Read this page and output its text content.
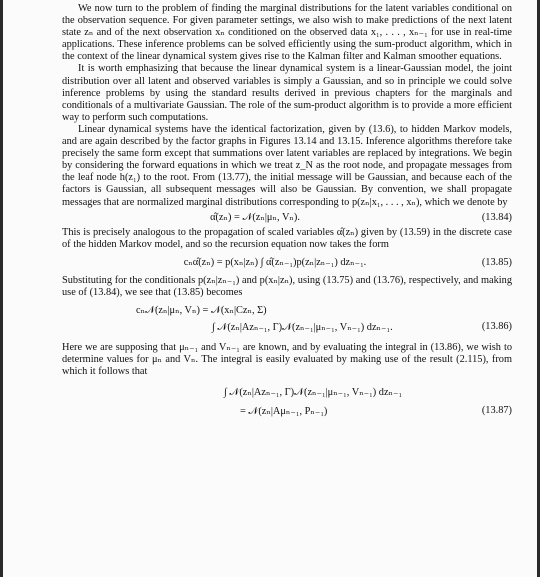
We now turn to the problem of finding the marginal distributions for the latent variables conditional on the observation sequence. For given parameter settings, we also wish to make predictions of the next latent state zₙ and of the next observation xₙ conditioned on the observed data x₁, . . . , xₙ₋₁ for use in real-time applications. These inference problems can be solved efficiently using the sum-product algorithm, which in the context of the linear dynamical system gives rise to the Kalman filter and Kalman smoother equations.

It is worth emphasizing that because the linear dynamical system is a linear-Gaussian model, the joint distribution over all latent and observed variables is simply a Gaussian, and so in principle we could solve inference problems by using the standard results derived in previous chapters for the marginals and conditionals of a multivariate Gaussian. The role of the sum-product algorithm is to provide a more efficient way to perform such computations.

Linear dynamical systems have the identical factorization, given by (13.6), to hidden Markov models, and are again described by the factor graphs in Figures 13.14 and 13.15. Inference algorithms therefore take precisely the same form except that summations over latent variables are replaced by integrations. We begin by considering the forward equations in which we treat z_N as the root node, and propagate messages from the leaf node h(z₁) to the root. From (13.77), the initial message will be Gaussian, and because each of the factors is Gaussian, all subsequent messages will also be Gaussian. By convention, we shall propagate messages that are normalized marginal distributions corresponding to p(zₙ|x₁, . . . , xₙ), which we denote by

α̂(zₙ) = 𝒩(zₙ|μₙ, Vₙ).	(13.84)

This is precisely analogous to the propagation of scaled variables α̂(zₙ) given by (13.59) in the discrete case of the hidden Markov model, and so the recursion equation now takes the form

cₙα̂(zₙ) = p(xₙ|zₙ) ∫ α̂(zₙ₋₁)p(zₙ|zₙ₋₁) dzₙ₋₁.	(13.85)

Substituting for the conditionals p(zₙ|zₙ₋₁) and p(xₙ|zₙ), using (13.75) and (13.76), respectively, and making use of (13.84), we see that (13.85) becomes

cₙ𝒩(zₙ|μₙ, Vₙ) = 𝒩(xₙ|Czₙ, Σ)
∫ 𝒩(zₙ|Azₙ₋₁, Γ)𝒩(zₙ₋₁|μₙ₋₁, Vₙ₋₁) dzₙ₋₁.	(13.86)

Here we are supposing that μₙ₋₁ and Vₙ₋₁ are known, and by evaluating the integral in (13.86), we wish to determine values for μₙ and Vₙ. The integral is easily evaluated by making use of the result (2.115), from which it follows that

∫ 𝒩(zₙ|Azₙ₋₁, Γ)𝒩(zₙ₋₁|μₙ₋₁, Vₙ₋₁) dzₙ₋₁
= 𝒩(zₙ|Aμₙ₋₁, Pₙ₋₁)	(13.87)
